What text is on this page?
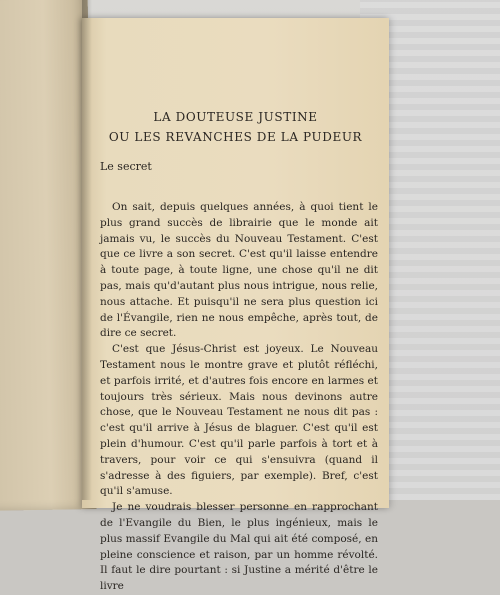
LA DOUTEUSE JUSTINE
OU LES REVANCHES DE LA PUDEUR
Le secret

On sait, depuis quelques années, à quoi tient le plus grand succès de librairie que le monde ait jamais vu, le succès du Nouveau Testament. C'est que ce livre a son secret. C'est qu'il laisse entendre à toute page, à toute ligne, une chose qu'il ne dit pas, mais qu'd'autant plus nous intrigue, nous relie, nous attache. Et puisqu'il ne sera plus question ici de l'Évangile, rien ne nous empêche, après tout, de dire ce secret.

C'est que Jésus-Christ est joyeux. Le Nouveau Testament nous le montre grave et plutôt réfléchi, et parfois irrité, et d'autres fois encore en larmes et toujours très sérieux. Mais nous devinons autre chose, que le Nouveau Testament ne nous dit pas : c'est qu'il arrive à Jésus de blaguer. C'est qu'il est plein d'humour. C'est qu'il parle parfois à tort et à travers, pour voir ce qui s'ensuivra (quand il s'adresse à des figuiers, par exemple). Bref, c'est qu'il s'amuse.

Je ne voudrais blesser personne en rapprochant de l'Evangile du Bien, le plus ingénieux, mais le plus massif Evangile du Mal qui ait été composé, en pleine conscience et raison, par un homme révolté. Il faut le dire pourtant : si Justine a mérité d'être le livre
